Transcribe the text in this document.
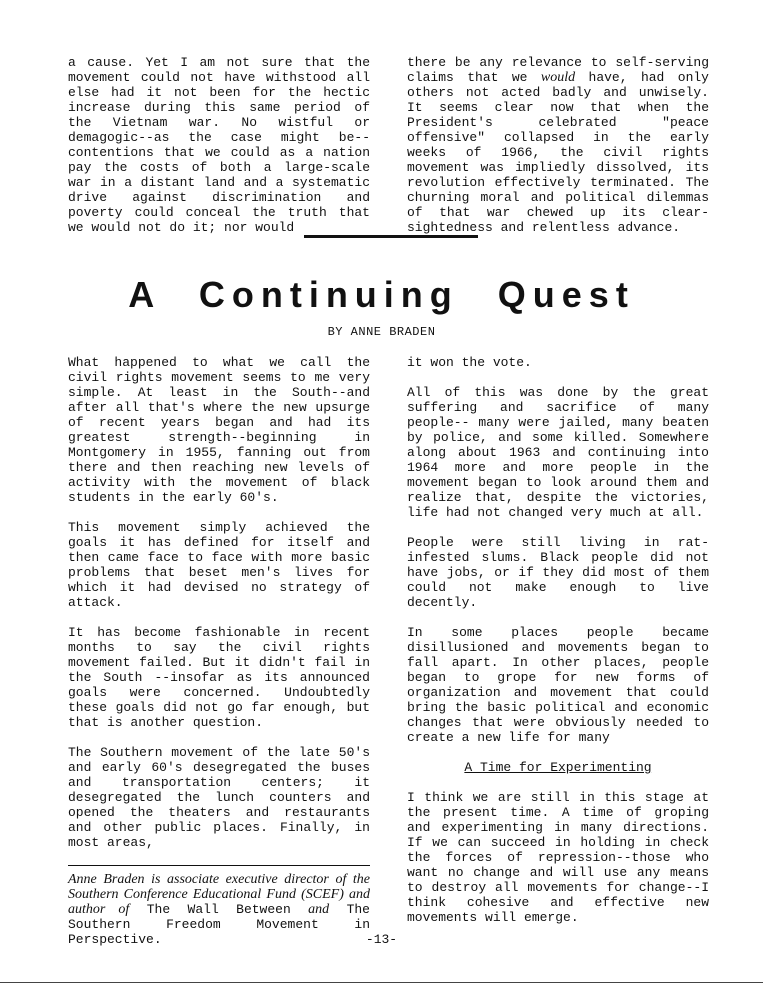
a cause. Yet I am not sure that the movement could not have withstood all else had it not been for the hectic increase during this same period of the Vietnam war. No wistful or demagogic--as the case might be--contentions that we could as a nation pay the costs of both a large-scale war in a distant land and a systematic drive against discrimination and poverty could conceal the truth that we would not do it; nor would

there be any relevance to self-serving claims that we would have, had only others not acted badly and unwisely. It seems clear now that when the President's celebrated "peace offensive" collapsed in the early weeks of 1966, the civil rights movement was impliedly dissolved, its revolution effectively terminated. The churning moral and political dilemmas of that war chewed up its clear-sightedness and relentless advance.

A Continuing Quest
BY ANNE BRADEN

What happened to what we call the civil rights movement seems to me very simple. At least in the South--and after all that's where the new upsurge of recent years began and had its greatest strength--beginning in Montgomery in 1955, fanning out from there and then reaching new levels of activity with the movement of black students in the early 60's.

This movement simply achieved the goals it has defined for itself and then came face to face with more basic problems that beset men's lives for which it had devised no strategy of attack.

It has become fashionable in recent months to say the civil rights movement failed. But it didn't fail in the South --insofar as its announced goals were concerned. Undoubtedly these goals did not go far enough, but that is another question.

The Southern movement of the late 50's and early 60's desegregated the buses and transportation centers; it desegregated the lunch counters and opened the theaters and restaurants and other public places. Finally, in most areas,

Anne Braden is associate executive director of the Southern Conference Educational Fund (SCEF) and author of The Wall Between and The Southern Freedom Movement in Perspective.

it won the vote.

All of this was done by the great suffering and sacrifice of many people-- many were jailed, many beaten by police, and some killed. Somewhere along about 1963 and continuing into 1964 more and more people in the movement began to look around them and realize that, despite the victories, life had not changed very much at all.

People were still living in rat-infested slums. Black people did not have jobs, or if they did most of them could not make enough to live decently.

In some places people became disillusioned and movements began to fall apart. In other places, people began to grope for new forms of organization and movement that could bring the basic political and economic changes that were obviously needed to create a new life for many

A Time for Experimenting

I think we are still in this stage at the present time. A time of groping and experimenting in many directions. If we can succeed in holding in check the forces of repression--those who want no change and will use any means to destroy all movements for change--I think cohesive and effective new movements will emerge.

-13-
